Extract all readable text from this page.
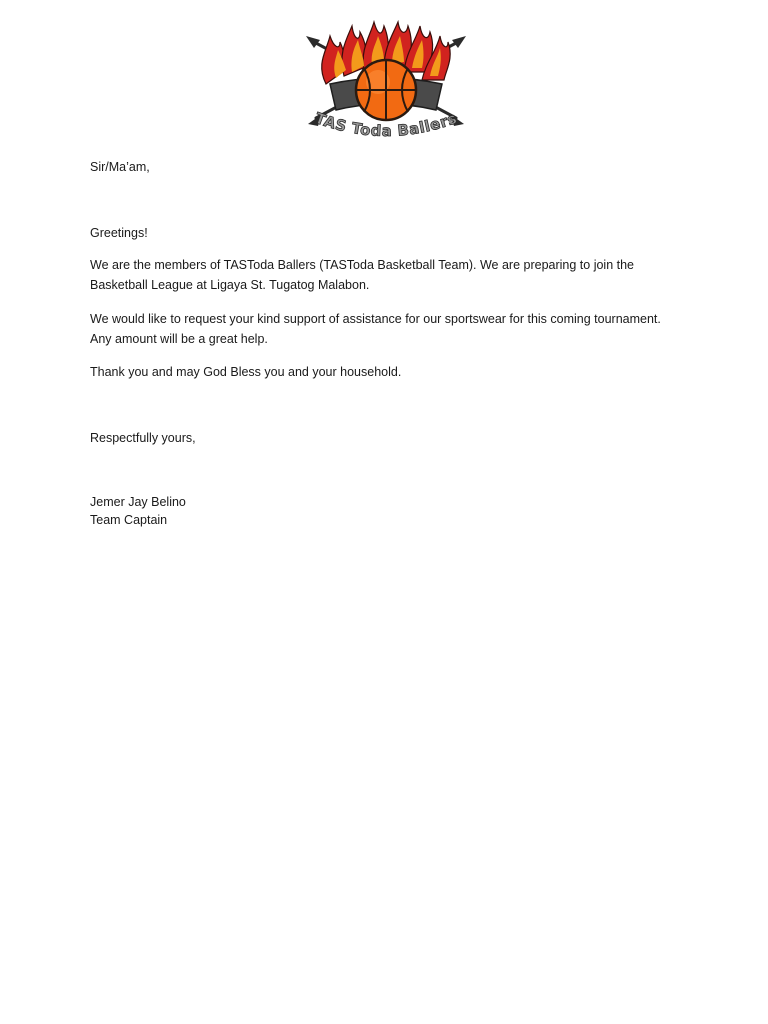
TAS Toda Ballers

Sir/Ma’am,

Greetings!

We are the members of TASToda Ballers (TASToda Basketball Team). We are preparing to join the Basketball League at Ligaya St. Tugatog Malabon.

We would like to request your kind support of assistance for our sportswear for this coming tournament. Any amount will be a great help.

Thank you and may God Bless you and your household.

Respectfully yours,

Jemer Jay Belino
Team Captain
